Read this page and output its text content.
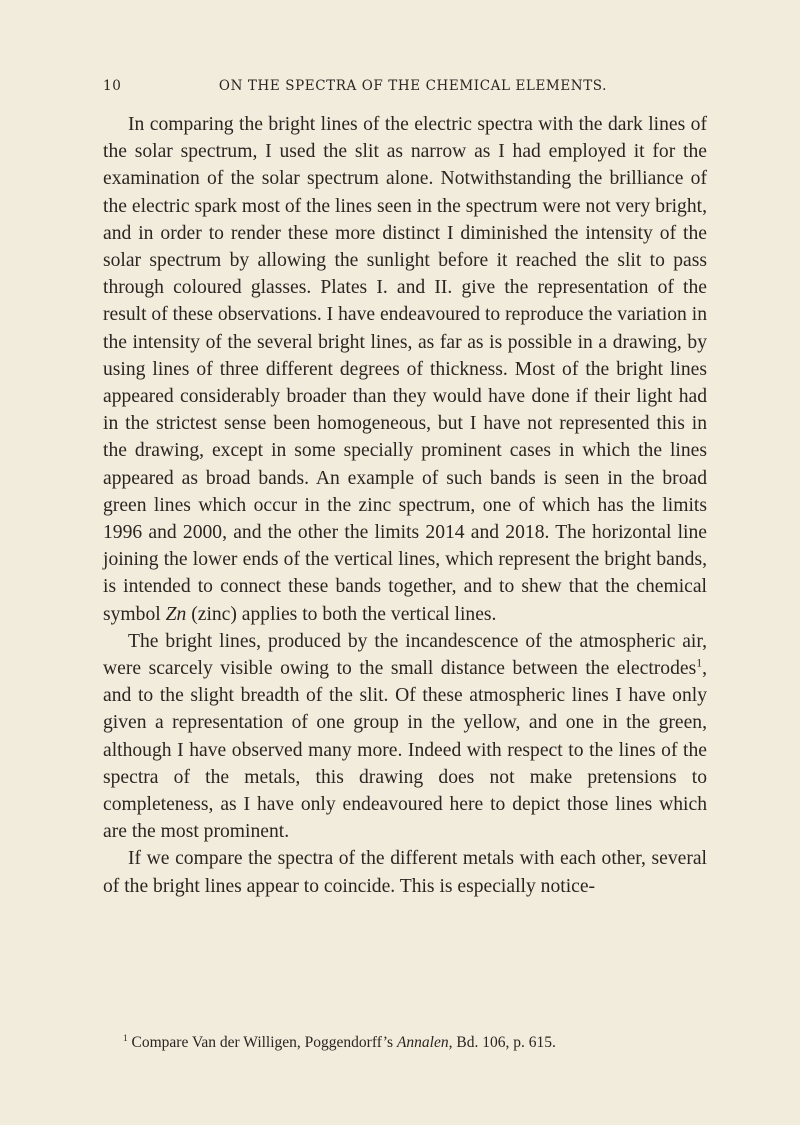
10	ON THE SPECTRA OF THE CHEMICAL ELEMENTS.

In comparing the bright lines of the electric spectra with the dark lines of the solar spectrum, I used the slit as narrow as I had employed it for the examination of the solar spectrum alone. Notwithstanding the brilliance of the electric spark most of the lines seen in the spectrum were not very bright, and in order to render these more distinct I diminished the intensity of the solar spectrum by allowing the sunlight before it reached the slit to pass through coloured glasses. Plates I. and II. give the representation of the result of these observations. I have endeavoured to reproduce the variation in the intensity of the several bright lines, as far as is possible in a drawing, by using lines of three different degrees of thickness. Most of the bright lines appeared considerably broader than they would have done if their light had in the strictest sense been homogeneous, but I have not represented this in the drawing, except in some specially prominent cases in which the lines appeared as broad bands. An example of such bands is seen in the broad green lines which occur in the zinc spectrum, one of which has the limits 1996 and 2000, and the other the limits 2014 and 2018. The horizontal line joining the lower ends of the vertical lines, which represent the bright bands, is intended to connect these bands together, and to shew that the chemical symbol Zn (zinc) applies to both the vertical lines.

The bright lines, produced by the incandescence of the atmospheric air, were scarcely visible owing to the small distance between the electrodes$^1$, and to the slight breadth of the slit. Of these atmospheric lines I have only given a representation of one group in the yellow, and one in the green, although I have observed many more. Indeed with respect to the lines of the spectra of the metals, this drawing does not make pretensions to completeness, as I have only endeavoured here to depict those lines which are the most prominent.

If we compare the spectra of the different metals with each other, several of the bright lines appear to coincide. This is especially notice-

$^1$ Compare Van der Willigen, Poggendorff’s Annalen, Bd. 106, p. 615.
